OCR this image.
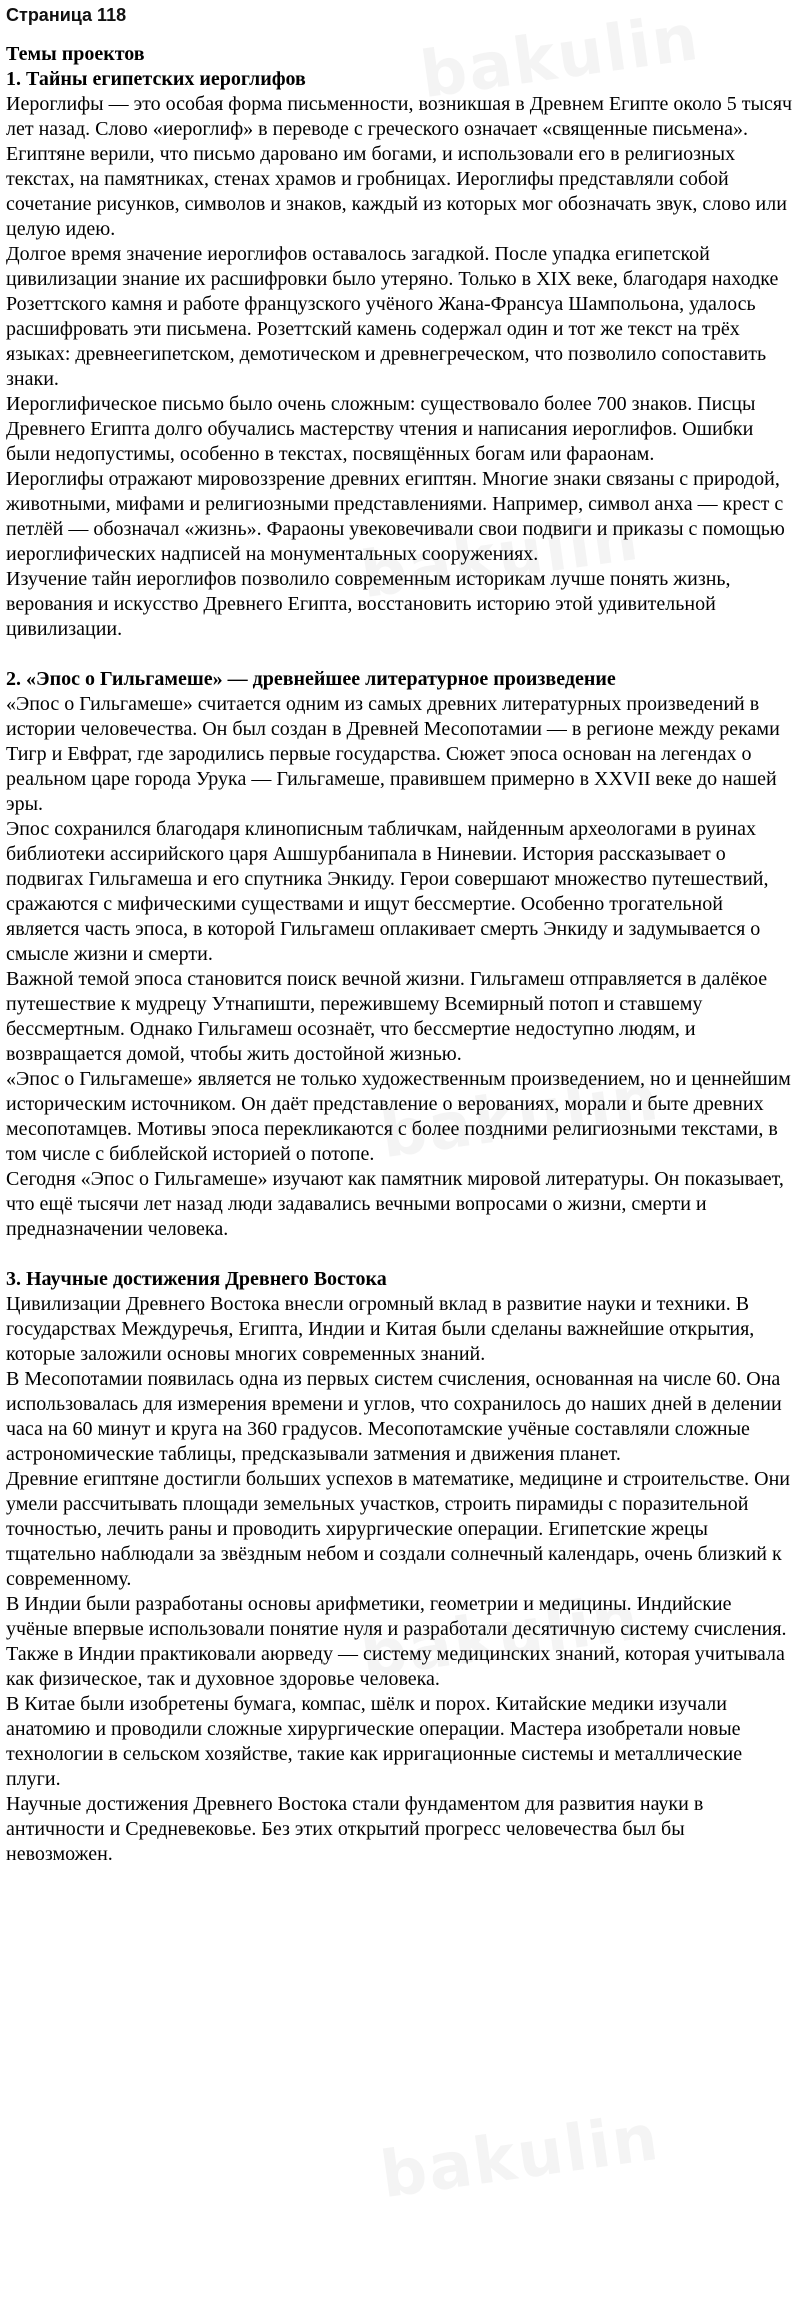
Страница 118
Темы проектов
1. Тайны египетских иероглифов

Иероглифы — это особая форма письменности, возникшая в Древнем Египте около 5 тысяч лет назад. Слово «иероглиф» в переводе с греческого означает «священные письмена». Египтяне верили, что письмо даровано им богами, и использовали его в религиозных текстах, на памятниках, стенах храмов и гробницах. Иероглифы представляли собой сочетание рисунков, символов и знаков, каждый из которых мог обозначать звук, слово или целую идею.

Долгое время значение иероглифов оставалось загадкой. После упадка египетской цивилизации знание их расшифровки было утеряно. Только в XIX веке, благодаря находке Розеттского камня и работе французского учёного Жана-Франсуа Шампольона, удалось расшифровать эти письмена. Розеттский камень содержал один и тот же текст на трёх языках: древнеегипетском, демотическом и древнегреческом, что позволило сопоставить знаки.

Иероглифическое письмо было очень сложным: существовало более 700 знаков. Писцы Древнего Египта долго обучались мастерству чтения и написания иероглифов. Ошибки были недопустимы, особенно в текстах, посвящённых богам или фараонам.

Иероглифы отражают мировоззрение древних египтян. Многие знаки связаны с природой, животными, мифами и религиозными представлениями. Например, символ анха — крест с петлёй — обозначал «жизнь». Фараоны увековечивали свои подвиги и приказы с помощью иероглифических надписей на монументальных сооружениях.

Изучение тайн иероглифов позволило современным историкам лучше понять жизнь, верования и искусство Древнего Египта, восстановить историю этой удивительной цивилизации.

2. «Эпос о Гильгамеше» — древнейшее литературное произведение

«Эпос о Гильгамеше» считается одним из самых древних литературных произведений в истории человечества. Он был создан в Древней Месопотамии — в регионе между реками Тигр и Евфрат, где зародились первые государства. Сюжет эпоса основан на легендах о реальном царе города Урука — Гильгамеше, правившем примерно в XXVII веке до нашей эры.

Эпос сохранился благодаря клинописным табличкам, найденным археологами в руинах библиотеки ассирийского царя Ашшурбанипала в Ниневии. История рассказывает о подвигах Гильгамеша и его спутника Энкиду. Герои совершают множество путешествий, сражаются с мифическими существами и ищут бессмертие. Особенно трогательной является часть эпоса, в которой Гильгамеш оплакивает смерть Энкиду и задумывается о смысле жизни и смерти.

Важной темой эпоса становится поиск вечной жизни. Гильгамеш отправляется в далёкое путешествие к мудрецу Утнапишти, пережившему Всемирный потоп и ставшему бессмертным. Однако Гильгамеш осознаёт, что бессмертие недоступно людям, и возвращается домой, чтобы жить достойной жизнью.

«Эпос о Гильгамеше» является не только художественным произведением, но и ценнейшим историческим источником. Он даёт представление о верованиях, морали и быте древних месопотамцев. Мотивы эпоса перекликаются с более поздними религиозными текстами, в том числе с библейской историей о потопе.

Сегодня «Эпос о Гильгамеше» изучают как памятник мировой литературы. Он показывает, что ещё тысячи лет назад люди задавались вечными вопросами о жизни, смерти и предназначении человека.

3. Научные достижения Древнего Востока

Цивилизации Древнего Востока внесли огромный вклад в развитие науки и техники. В государствах Междуречья, Египта, Индии и Китая были сделаны важнейшие открытия, которые заложили основы многих современных знаний.

В Месопотамии появилась одна из первых систем счисления, основанная на числе 60. Она использовалась для измерения времени и углов, что сохранилось до наших дней в делении часа на 60 минут и круга на 360 градусов. Месопотамские учёные составляли сложные астрономические таблицы, предсказывали затмения и движения планет.

Древние египтяне достигли больших успехов в математике, медицине и строительстве. Они умели рассчитывать площади земельных участков, строить пирамиды с поразительной точностью, лечить раны и проводить хирургические операции. Египетские жрецы тщательно наблюдали за звёздным небом и создали солнечный календарь, очень близкий к современному.

В Индии были разработаны основы арифметики, геометрии и медицины. Индийские учёные впервые использовали понятие нуля и разработали десятичную систему счисления. Также в Индии практиковали аюрведу — систему медицинских знаний, которая учитывала как физическое, так и духовное здоровье человека.

В Китае были изобретены бумага, компас, шёлк и порох. Китайские медики изучали анатомию и проводили сложные хирургические операции. Мастера изобретали новые технологии в сельском хозяйстве, такие как ирригационные системы и металлические плуги.

Научные достижения Древнего Востока стали фундаментом для развития науки в античности и Средневековье. Без этих открытий прогресс человечества был бы невозможен.
